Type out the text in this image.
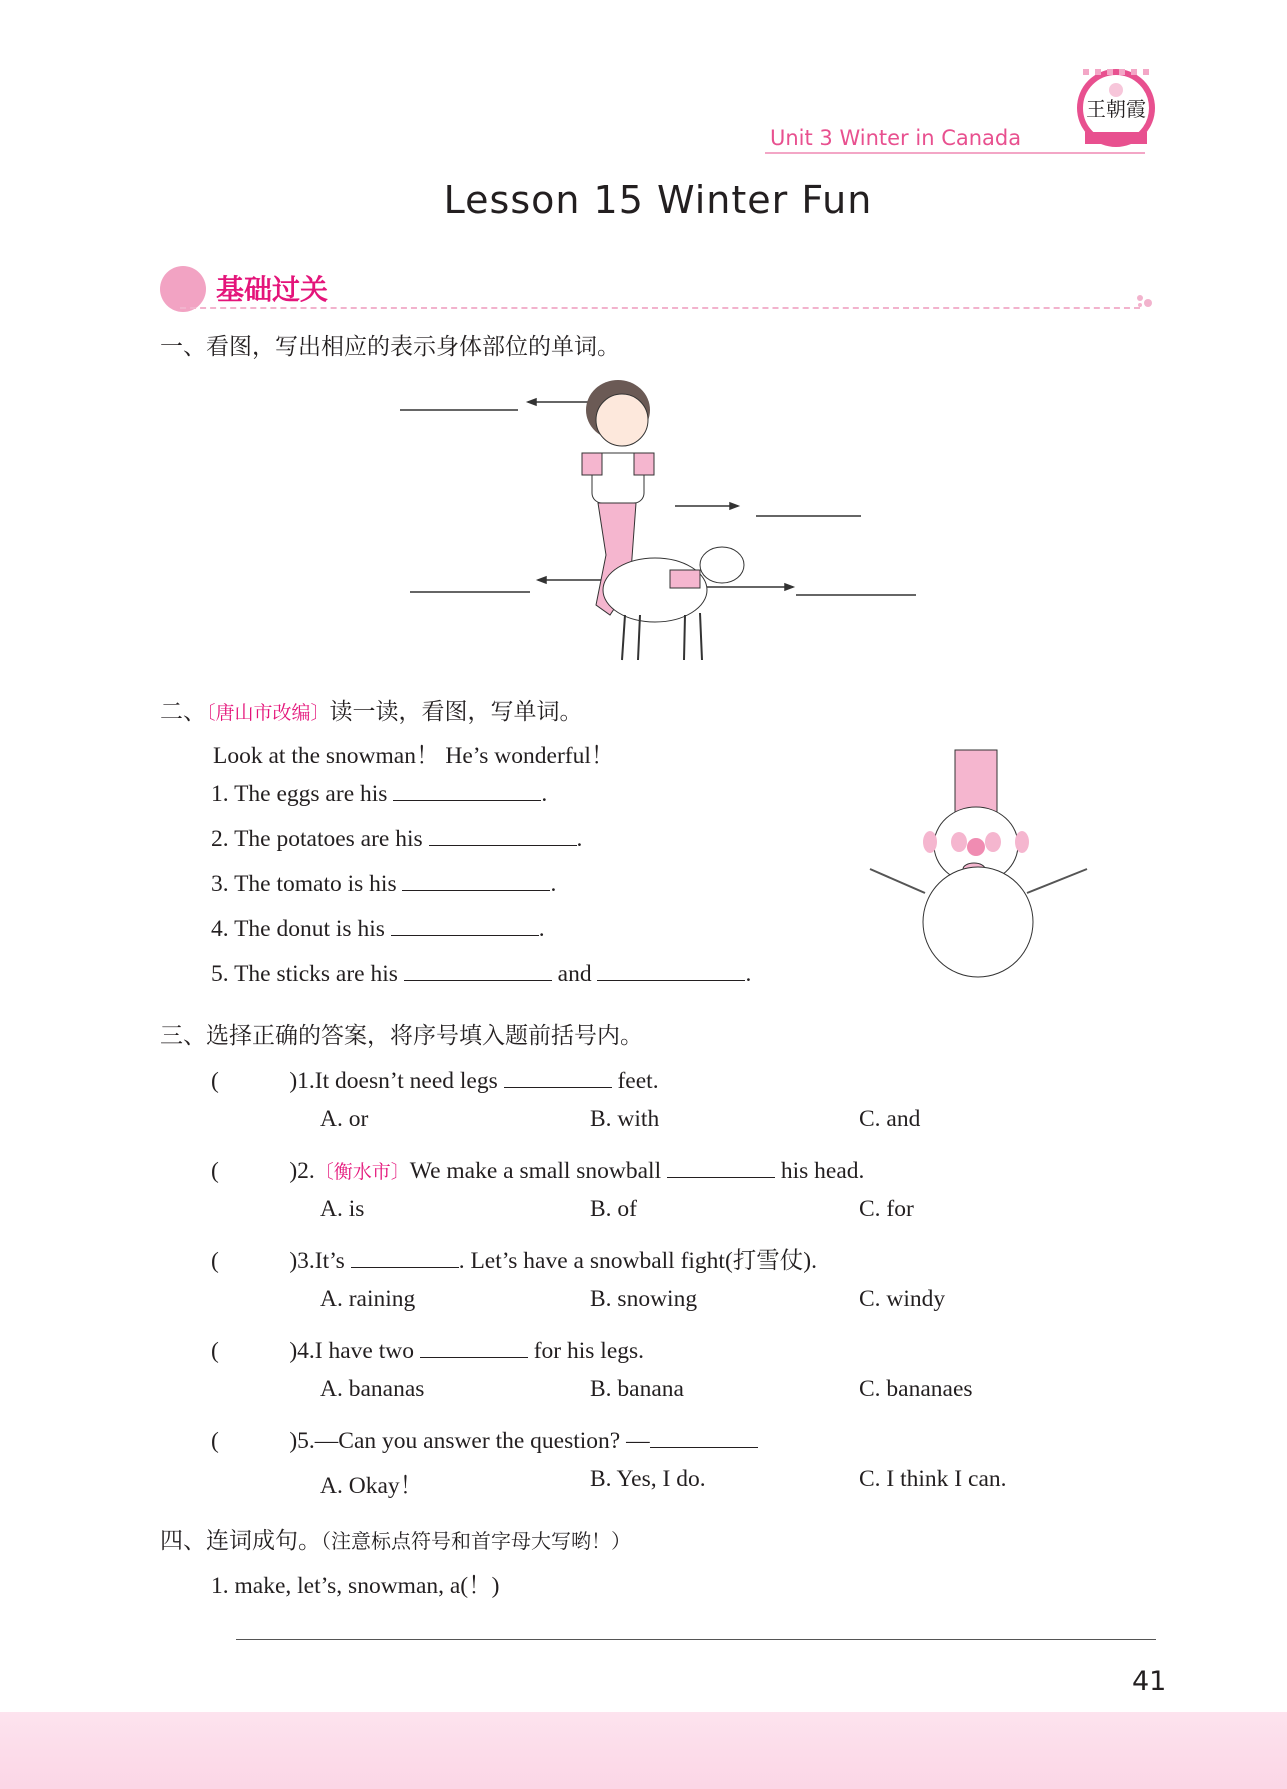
Unit 3 Winter in Canada
王朝霞
Lesson 15 Winter Fun
基础过关
一、看图，写出相应的表示身体部位的单词。
二、〔唐山市改编〕读一读，看图，写单词。
Look at the snowman！ He’s wonderful！
1. The eggs are his	.
2. The potatoes are his	.
3. The tomato is his	.
4. The donut is his	.
5. The sticks are his	and	.
三、选择正确的答案，将序号填入题前括号内。
(　　　)1.It doesn’t need legs	feet.
A. or	B. with	C. and
(　　　)2.〔衡水市〕We make a small snowball	his head.
A. is	B. of	C. for
(　　　)3.It’s	. Let’s have a snowball fight(打雪仗).
A. raining	B. snowing	C. windy
(　　　)4.I have two	for his legs.
A. bananas	B. banana	C. bananaes
(　　　)5.—Can you answer the question? —
A. Okay！	B. Yes, I do.	C. I think I can.
四、连词成句。（注意标点符号和首字母大写哟！）
1. make, let’s, snowman, a(！)
41
